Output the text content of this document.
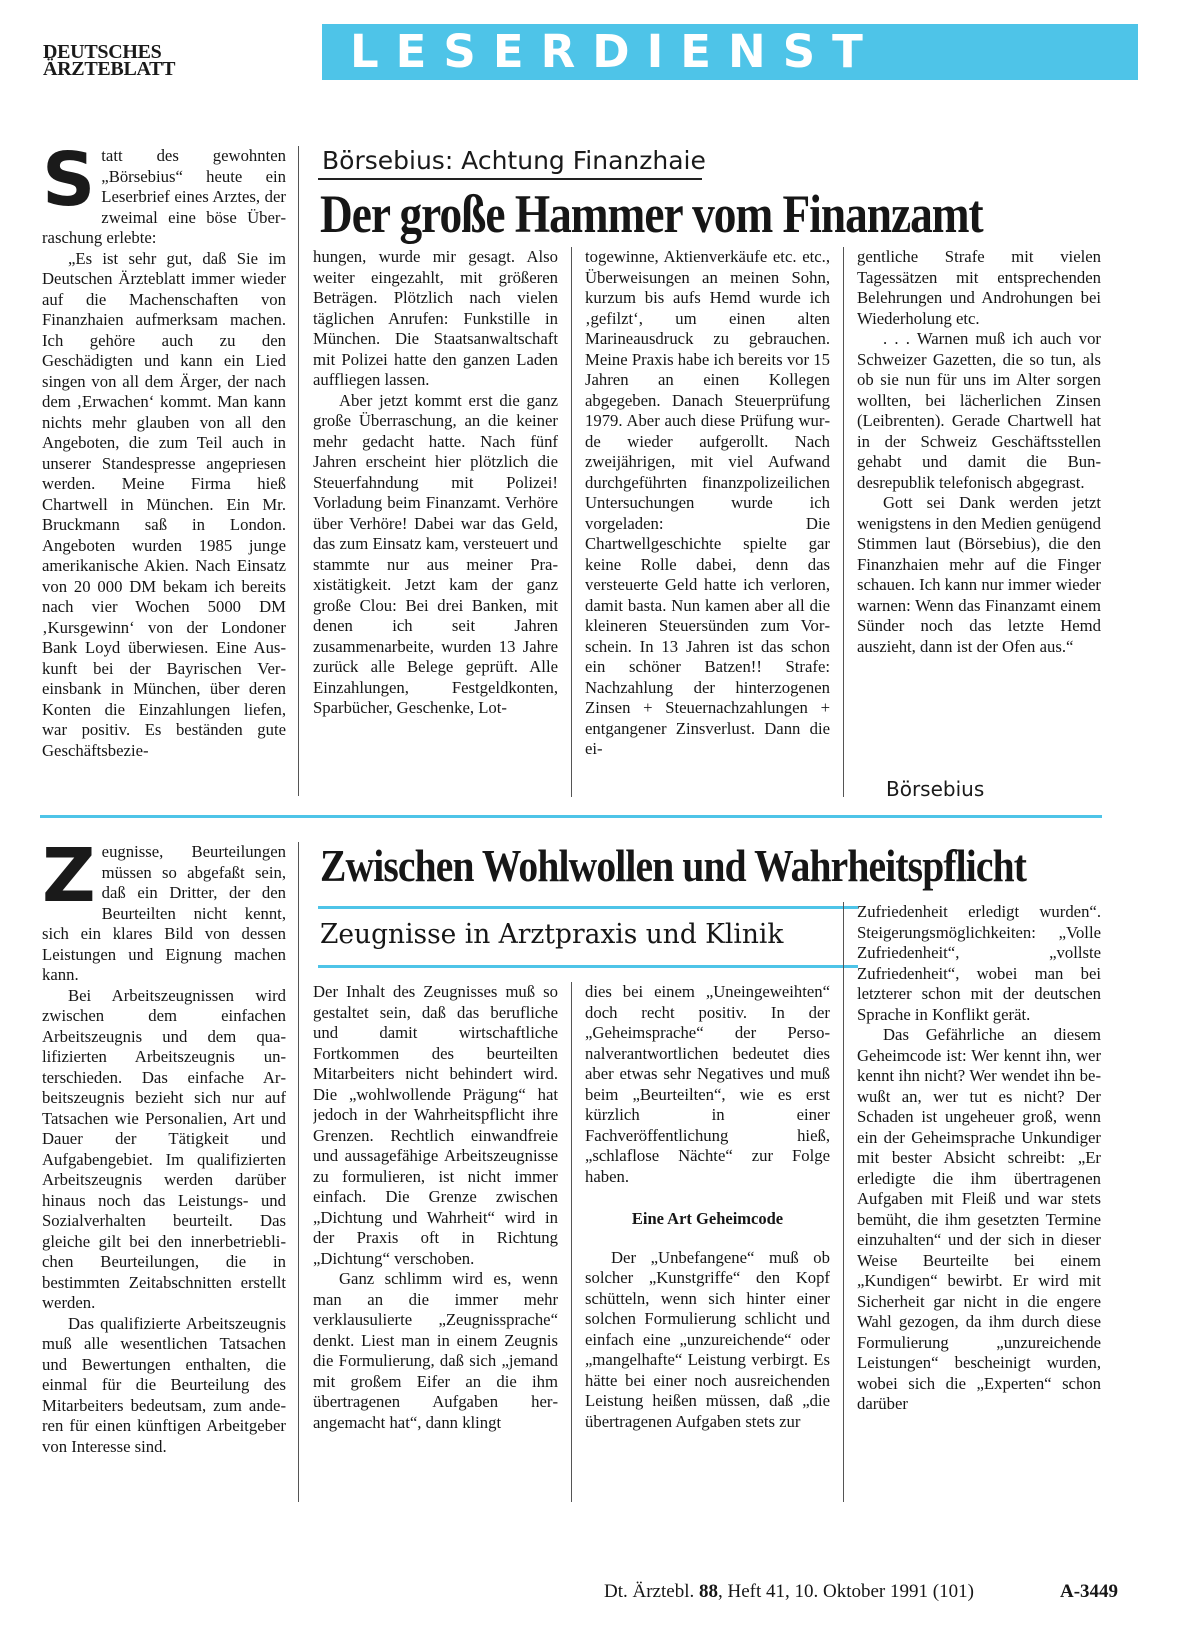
DEUTSCHES
ÄRZTEBLATT	LESERDIENST
Börsebius: Achtung Finanzhaie
Der große Hammer vom Finanzamt
S tatt des gewohnten „Börsebius“ heute ein Leserbrief eines Arztes, der zweimal eine böse Überraschung erlebte:

„Es ist sehr gut, daß Sie im Deutschen Ärzteblatt immer wieder auf die Machenschaften von Finanzhaien aufmerksam machen. Ich gehöre auch zu den Geschädigten und kann ein Lied singen von all dem Ärger, der nach dem ‚Erwachen‘ kommt. Man kann nichts mehr glauben von all den Angeboten, die zum Teil auch in unserer Standespresse angepriesen werden. Meine Firma hieß Chartwell in München. Ein Mr. Bruckmann saß in London. Angeboten wurden 1985 junge amerikanische Akien. Nach Einsatz von 20 000 DM bekam ich bereits nach vier Wochen 5000 DM ‚Kursgewinn‘ von der Londoner Bank Loyd überwiesen. Eine Auskunft bei der Bayrischen Vereinsbank in München, über deren Konten die Einzahlungen liefen, war positiv. Es beständen gute Geschäftsbezie-

hungen, wurde mir gesagt. Also weiter eingezahlt, mit größeren Beträgen. Plötzlich nach vielen täglichen Anrufen: Funkstille in München. Die Staatsanwaltschaft mit Polizei hatte den ganzen Laden auffliegen lassen.

Aber jetzt kommt erst die ganz große Überraschung, an die keiner mehr gedacht hatte. Nach fünf Jahren erscheint hier plötzlich die Steuerfahndung mit Polizei! Vorladung beim Finanzamt. Verhöre über Verhöre! Dabei war das Geld, das zum Einsatz kam, versteuert und stammte nur aus meiner Praxistätigkeit. Jetzt kam der ganz große Clou: Bei drei Banken, mit denen ich seit Jahren zusammenarbeite, wurden 13 Jahre zurück alle Belege geprüft. Alle Einzahlungen, Festgeldkonten, Sparbücher, Geschenke, Lot-

togewinne, Aktienverkäufe etc. etc., Überweisungen an meinen Sohn, kurzum bis aufs Hemd wurde ich ‚gefilzt‘, um einen alten Marineausdruck zu gebrauchen. Meine Praxis habe ich bereits vor 15 Jahren an einen Kollegen abgegeben. Danach Steuerprüfung 1979. Aber auch diese Prüfung wurde wieder aufgerollt. Nach zweijährigen, mit viel Aufwand durchgeführten finanzpolizeilichen Untersuchungen wurde ich vorgeladen: Die Chartwellgeschichte spielte gar keine Rolle dabei, denn das versteuerte Geld hatte ich verloren, damit basta. Nun kamen aber all die kleineren Steuersünden zum Vorschein. In 13 Jahren ist das schon ein schöner Batzen!! Strafe: Nachzahlung der hinterzogenen Zinsen + Steuernachzahlungen + entgangener Zinsverlust. Dann die ei-

gentliche Strafe mit vielen Tagessätzen mit entsprechenden Belehrungen und Androhungen bei Wiederholung etc.

. . . Warnen muß ich auch vor Schweizer Gazetten, die so tun, als ob sie nun für uns im Alter sorgen wollten, bei lächerlichen Zinsen (Leibrenten). Gerade Chartwell hat in der Schweiz Geschäftsstellen gehabt und damit die Bundesrepublik telefonisch abgegrast.

Gott sei Dank werden jetzt wenigstens in den Medien genügend Stimmen laut (Börsebius), die den Finanzhaien mehr auf die Finger schauen. Ich kann nur immer wieder warnen: Wenn das Finanzamt einem Sünder noch das letzte Hemd auszieht, dann ist der Ofen aus.“

Börsebius
Zwischen Wohlwollen und Wahrheitspflicht
Zeugnisse in Arztpraxis und Klinik
Z eugnisse, Beurteilungen müssen so abgefaßt sein, daß ein Dritter, der den Beurteilten nicht kennt, sich ein klares Bild von dessen Leistungen und Eignung machen kann.

Bei Arbeitszeugnissen wird zwischen dem einfachen Arbeitszeugnis und dem qualifizierten Arbeitszeugnis unterschieden. Das einfache Arbeitszeugnis bezieht sich nur auf Tatsachen wie Personalien, Art und Dauer der Tätigkeit und Aufgabengebiet. Im qualifizierten Arbeitszeugnis werden darüber hinaus noch das Leistungs- und Sozialverhalten beurteilt. Das gleiche gilt bei den innerbetrieblichen Beurteilungen, die in bestimmten Zeitabschnitten erstellt werden.

Das qualifizierte Arbeitszeugnis muß alle wesentlichen Tatsachen und Bewertungen enthalten, die einmal für die Beurteilung des Mitarbeiters bedeutsam, zum anderen für einen künftigen Arbeitgeber von Interesse sind.

Der Inhalt des Zeugnisses muß so gestaltet sein, daß das berufliche und damit wirtschaftliche Fortkommen des beurteilten Mitarbeiters nicht behindert wird. Die „wohlwollende Prägung“ hat jedoch in der Wahrheitspflicht ihre Grenzen. Rechtlich einwandfreie und aussagefähige Arbeitszeugnisse zu formulieren, ist nicht immer einfach. Die Grenze zwischen „Dichtung und Wahrheit“ wird in der Praxis oft in Richtung „Dichtung“ verschoben.

Ganz schlimm wird es, wenn man an die immer mehr verklausulierte „Zeugnissprache“ denkt. Liest man in einem Zeugnis die Formulierung, daß sich „jemand mit großem Eifer an die ihm übertragenen Aufgaben herangemacht hat“, dann klingt

dies bei einem „Uneingeweihten“ doch recht positiv. In der „Geheimsprache“ der Personalverantwortlichen bedeutet dies aber etwas sehr Negatives und muß beim „Beurteilten“, wie es erst kürzlich in einer Fachveröffentlichung hieß, „schlaflose Nächte“ zur Folge haben.

Eine Art Geheimcode

Der „Unbefangene“ muß ob solcher „Kunstgriffe“ den Kopf schütteln, wenn sich hinter einer solchen Formulierung schlicht und einfach eine „unzureichende“ oder „mangelhafte“ Leistung verbirgt. Es hätte bei einer noch ausreichenden Leistung heißen müssen, daß „die übertragenen Aufgaben stets zur

Zufriedenheit erledigt wurden“. Steigerungsmöglichkeiten: „Volle Zufriedenheit“, „vollste Zufriedenheit“, wobei man bei letzterer schon mit der deutschen Sprache in Konflikt gerät.

Das Gefährliche an diesem Geheimcode ist: Wer kennt ihn, wer kennt ihn nicht? Wer wendet ihn bewußt an, wer tut es nicht? Der Schaden ist ungeheuer groß, wenn ein der Geheimsprache Unkundiger mit bester Absicht schreibt: „Er erledigte die ihm übertragenen Aufgaben mit Fleiß und war stets bemüht, die ihm gesetzten Termine einzuhalten“ und der sich in dieser Weise Beurteilte bei einem „Kundigen“ bewirbt. Er wird mit Sicherheit gar nicht in die engere Wahl gezogen, da ihm durch diese Formulierung „unzureichende Leistungen“ bescheinigt wurden, wobei sich die „Experten“ schon darüber

Dt. Ärztebl. 88, Heft 41, 10. Oktober 1991 (101)	A-3449
